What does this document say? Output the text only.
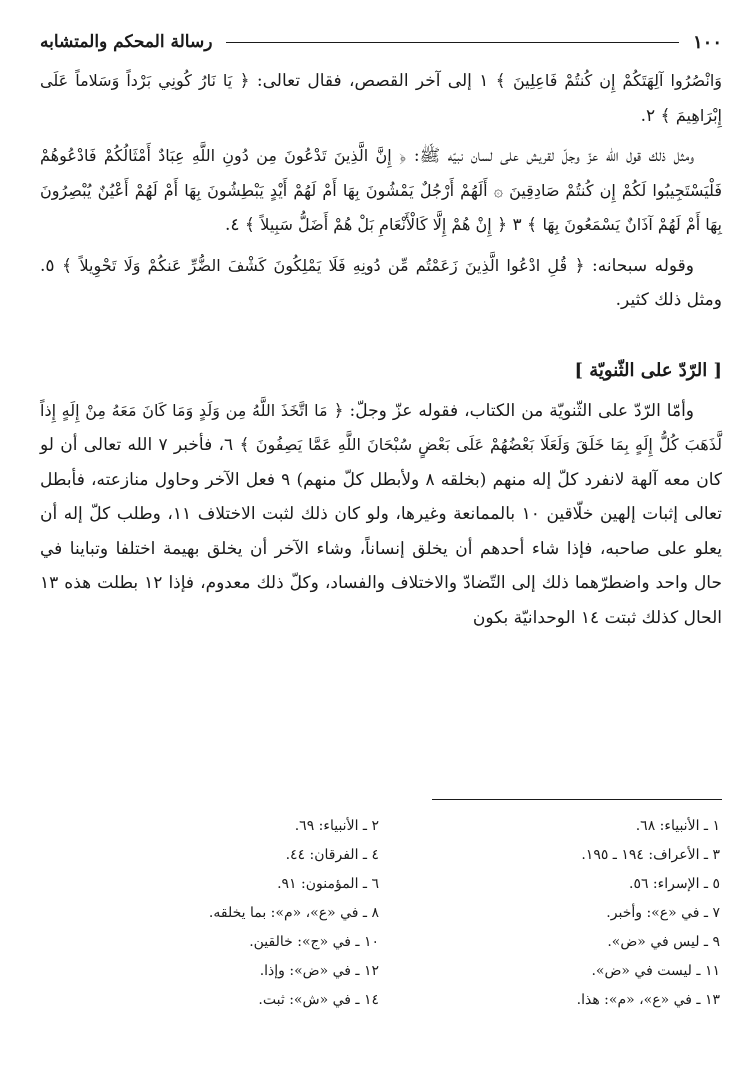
١٠٠
رسالة المحكم والمتشابه

وَانْصُرُوا آلِهَتَكُمْ إِن كُنتُمْ فَاعِلِينَ ﴾ ١ إلى آخر القصص، فقال تعالى: ﴿ يَا نَارُ كُونِي بَرْداً وَسَلاماً عَلَى إِبْرَاهِيمَ ﴾ ٢.

ومثل ذلك قول الله عزّ وجلّ لقريش على لسان نبيّه ﷺ: ﴿ إِنَّ الَّذِينَ تَدْعُونَ مِن دُونِ اللَّهِ عِبَادٌ أَمْثَالُكُمْ فَادْعُوهُمْ فَلْيَسْتَجِيبُوا لَكُمْ إِن كُنتُمْ صَادِقِينَ ۞ أَلَهُمْ أَرْجُلٌ يَمْشُونَ بِهَا أَمْ لَهُمْ أَيْدٍ يَبْطِشُونَ بِهَا أَمْ لَهُمْ أَعْيُنٌ يُبْصِرُونَ بِهَا أَمْ لَهُمْ آذَانٌ يَسْمَعُونَ بِهَا ﴾ ٣ ﴿ إِنْ هُمْ إِلَّا كَالْأَنْعَامِ بَلْ هُمْ أَضَلُّ سَبِيلاً ﴾ ٤.

وقوله سبحانه: ﴿ قُلِ ادْعُوا الَّذِينَ زَعَمْتُم مِّن دُونِهِ فَلَا يَمْلِكُونَ كَشْفَ الضُّرِّ عَنكُمْ وَلَا تَحْوِيلاً ﴾ ٥. ومثل ذلك كثير.

[ الرّدّ على الثّنويّة ]

وأمّا الرّدّ على الثّنويّة من الكتاب، فقوله عزّ وجلّ: ﴿ مَا اتَّخَذَ اللَّهُ مِن وَلَدٍ وَمَا كَانَ مَعَهُ مِنْ إِلَهٍ إِذاً لَّذَهَبَ كُلُّ إِلَهٍ بِمَا خَلَقَ وَلَعَلَا بَعْضُهُمْ عَلَى بَعْضٍ سُبْحَانَ اللَّهِ عَمَّا يَصِفُونَ ﴾ ٦، فأخبر ٧ الله تعالى أن لو كان معه آلهة لانفرد كلّ إله منهم (بخلقه ٨ ولأبطل كلّ منهم) ٩ فعل الآخر وحاول منازعته، فأبطل تعالى إثبات إلهين خلّاقين ١٠ بالممانعة وغيرها، ولو كان ذلك لثبت الاختلاف ١١، وطلب كلّ إله أن يعلو على صاحبه، فإذا شاء أحدهم أن يخلق إنساناً، وشاء الآخر أن يخلق بهيمة اختلفا وتباينا في حال واحد واضطرّهما ذلك إلى التّضادّ والاختلاف والفساد، وكلّ ذلك معدوم، فإذا ١٢ بطلت هذه ١٣ الحال كذلك ثبتت ١٤ الوحدانيّة بكون

١ ـ الأنبياء: ٦٨.
٢ ـ الأنبياء: ٦٩.
٣ ـ الأعراف: ١٩٤ ـ ١٩٥.
٤ ـ الفرقان: ٤٤.
٥ ـ الإسراء: ٥٦.
٦ ـ المؤمنون: ٩١.
٧ ـ في «ع»: وأخبر.
٨ ـ في «ع»، «م»: بما يخلقه.
٩ ـ ليس في «ض».
١٠ ـ في «ج»: خالقين.
١١ ـ ليست في «ض».
١٢ ـ في «ض»: وإذا.
١٣ ـ في «ع»، «م»: هذا.
١٤ ـ في «ش»: ثبت.
